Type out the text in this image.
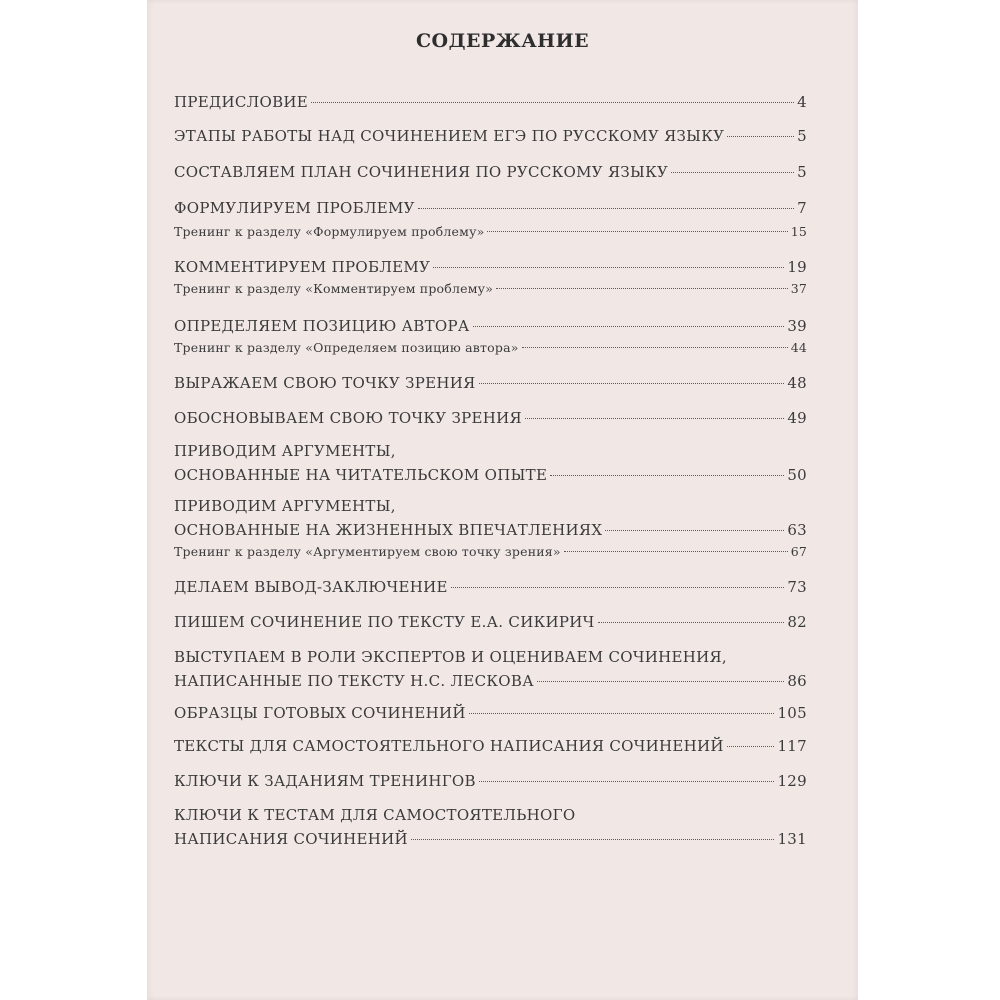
СОДЕРЖАНИЕ
ПРЕДИСЛОВИЕ	4
ЭТАПЫ РАБОТЫ НАД СОЧИНЕНИЕМ ЕГЭ ПО РУССКОМУ ЯЗЫКУ	5
СОСТАВЛЯЕМ ПЛАН СОЧИНЕНИЯ ПО РУССКОМУ ЯЗЫКУ	5
ФОРМУЛИРУЕМ ПРОБЛЕМУ	7
Тренинг к разделу «Формулируем проблему»	15
КОММЕНТИРУЕМ ПРОБЛЕМУ	19
Тренинг к разделу «Комментируем проблему»	37
ОПРЕДЕЛЯЕМ ПОЗИЦИЮ АВТОРА	39
Тренинг к разделу «Определяем позицию автора»	44
ВЫРАЖАЕМ СВОЮ ТОЧКУ ЗРЕНИЯ	48
ОБОСНОВЫВАЕМ СВОЮ ТОЧКУ ЗРЕНИЯ	49
ПРИВОДИМ АРГУМЕНТЫ,
ОСНОВАННЫЕ НА ЧИТАТЕЛЬСКОМ ОПЫТЕ	50
ПРИВОДИМ АРГУМЕНТЫ,
ОСНОВАННЫЕ НА ЖИЗНЕННЫХ ВПЕЧАТЛЕНИЯХ	63
Тренинг к разделу «Аргументируем свою точку зрения»	67
ДЕЛАЕМ ВЫВОД-ЗАКЛЮЧЕНИЕ	73
ПИШЕМ СОЧИНЕНИЕ ПО ТЕКСТУ Е.А. СИКИРИЧ	82
ВЫСТУПАЕМ В РОЛИ ЭКСПЕРТОВ И ОЦЕНИВАЕМ СОЧИНЕНИЯ,
НАПИСАННЫЕ ПО ТЕКСТУ Н.С. ЛЕСКОВА	86
ОБРАЗЦЫ ГОТОВЫХ СОЧИНЕНИЙ	105
ТЕКСТЫ ДЛЯ САМОСТОЯТЕЛЬНОГО НАПИСАНИЯ СОЧИНЕНИЙ	117
КЛЮЧИ К ЗАДАНИЯМ ТРЕНИНГОВ	129
КЛЮЧИ К ТЕСТАМ ДЛЯ САМОСТОЯТЕЛЬНОГО
НАПИСАНИЯ СОЧИНЕНИЙ	131
